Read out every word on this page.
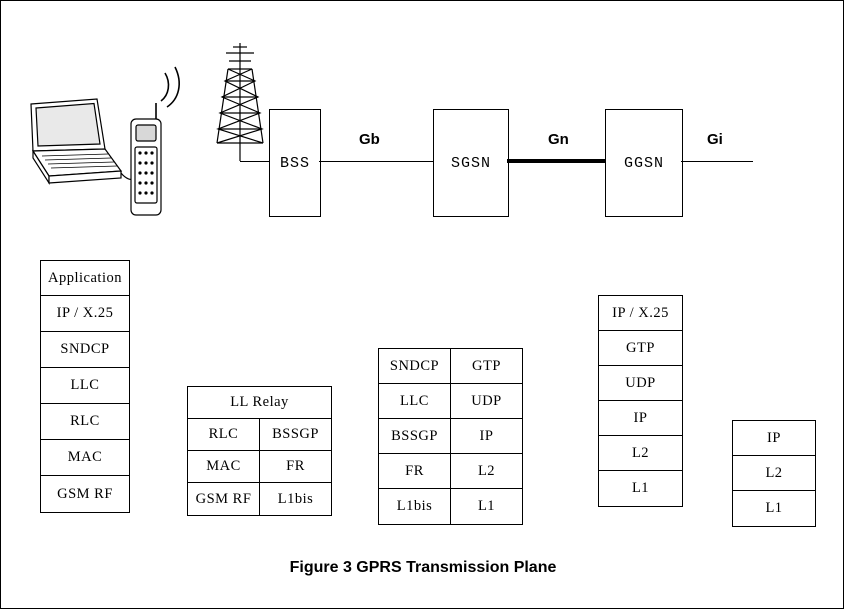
BSS	SGSN	GGSN
Gb	Gn	Gi
Application
IP / X.25
SNDCP
LLC
RLC
MAC
GSM RF
LL Relay
RLC	BSSGP
MAC	FR
GSM RF	L1bis
SNDCP	GTP
LLC	UDP
BSSGP	IP
FR	L2
L1bis	L1
IP / X.25
GTP
UDP
IP
L2
L1
IP
L2
L1
Figure 3 GPRS Transmission Plane
